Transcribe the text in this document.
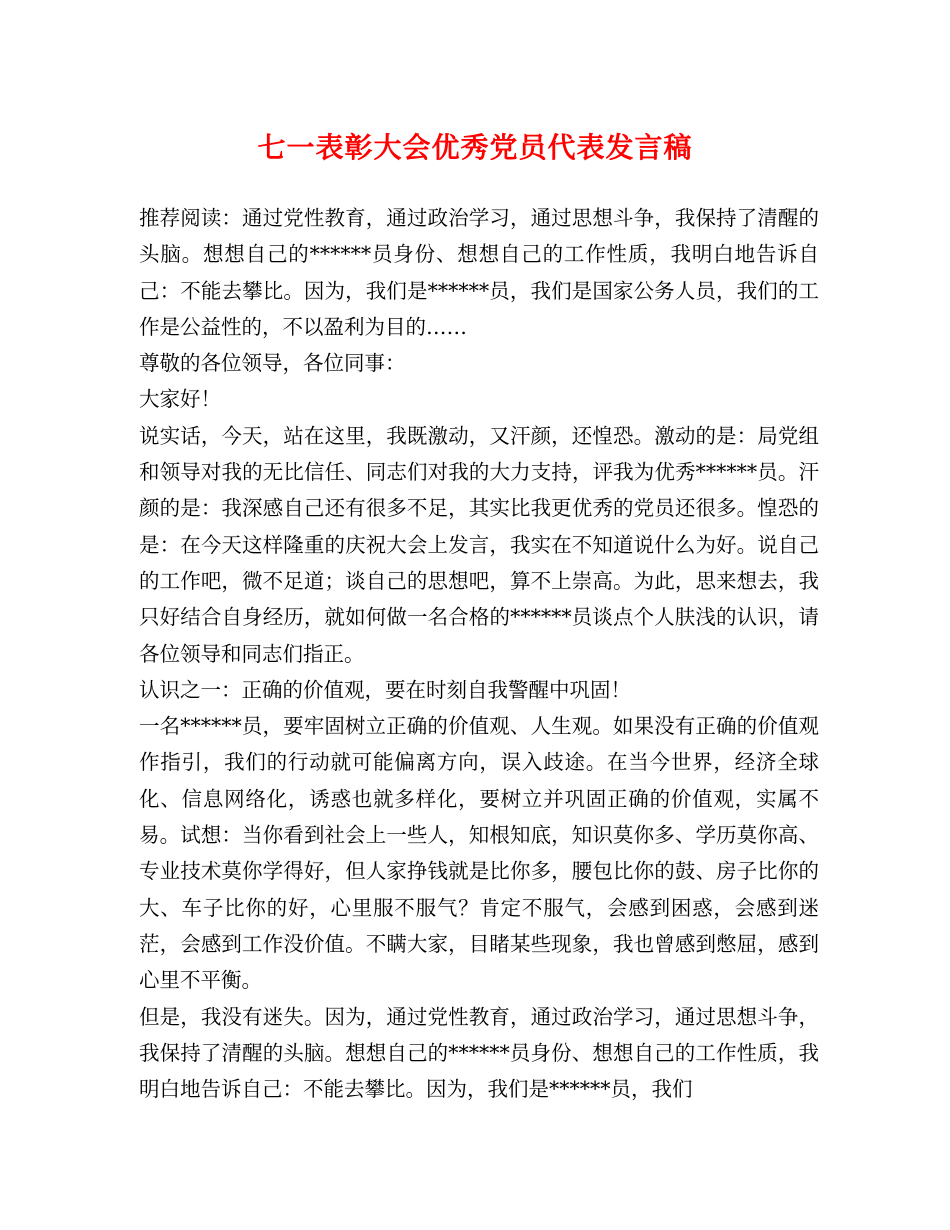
七一表彰大会优秀党员代表发言稿

推荐阅读：通过党性教育，通过政治学习，通过思想斗争，我保持了清醒的头脑。想想自己的******员身份、想想自己的工作性质，我明白地告诉自己：不能去攀比。因为，我们是******员，我们是国家公务人员，我们的工作是公益性的，不以盈利为目的……

尊敬的各位领导，各位同事：

大家好！

说实话，今天，站在这里，我既激动，又汗颜，还惶恐。激动的是：局党组和领导对我的无比信任、同志们对我的大力支持，评我为优秀******员。汗颜的是：我深感自己还有很多不足，其实比我更优秀的党员还很多。惶恐的是：在今天这样隆重的庆祝大会上发言，我实在不知道说什么为好。说自己的工作吧，微不足道；谈自己的思想吧，算不上崇高。为此，思来想去，我只好结合自身经历，就如何做一名合格的******员谈点个人肤浅的认识，请各位领导和同志们指正。

认识之一：正确的价值观，要在时刻自我警醒中巩固！

一名******员，要牢固树立正确的价值观、人生观。如果没有正确的价值观作指引，我们的行动就可能偏离方向，误入歧途。在当今世界，经济全球化、信息网络化，诱惑也就多样化，要树立并巩固正确的价值观，实属不易。试想：当你看到社会上一些人，知根知底，知识莫你多、学历莫你高、专业技术莫你学得好，但人家挣钱就是比你多，腰包比你的鼓、房子比你的大、车子比你的好，心里服不服气？肯定不服气，会感到困惑，会感到迷茫，会感到工作没价值。不瞒大家，目睹某些现象，我也曾感到憋屈，感到心里不平衡。

但是，我没有迷失。因为，通过党性教育，通过政治学习，通过思想斗争，我保持了清醒的头脑。想想自己的******员身份、想想自己的工作性质，我明白地告诉自己：不能去攀比。因为，我们是******员，我们
